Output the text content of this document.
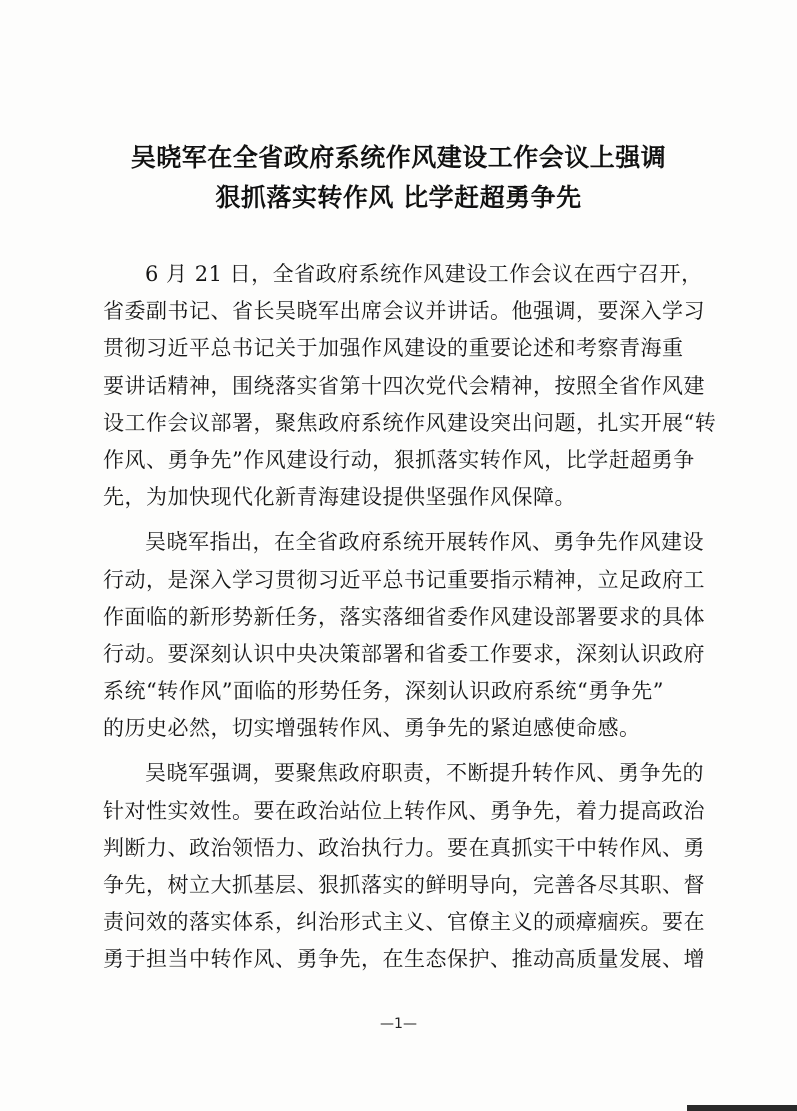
吴晓军在全省政府系统作风建设工作会议上强调
狠抓落实转作风 比学赶超勇争先
6 月 21 日，全省政府系统作风建设工作会议在西宁召开，
省委副书记、省长吴晓军出席会议并讲话。他强调，要深入学习
贯彻习近平总书记关于加强作风建设的重要论述和考察青海重
要讲话精神，围绕落实省第十四次党代会精神，按照全省作风建
设工作会议部署，聚焦政府系统作风建设突出问题，扎实开展“转
作风、勇争先”作风建设行动，狠抓落实转作风，比学赶超勇争
先，为加快现代化新青海建设提供坚强作风保障。
吴晓军指出，在全省政府系统开展转作风、勇争先作风建设
行动，是深入学习贯彻习近平总书记重要指示精神，立足政府工
作面临的新形势新任务，落实落细省委作风建设部署要求的具体
行动。要深刻认识中央决策部署和省委工作要求，深刻认识政府
系统“转作风”面临的形势任务，深刻认识政府系统“勇争先”
的历史必然，切实增强转作风、勇争先的紧迫感使命感。
吴晓军强调，要聚焦政府职责，不断提升转作风、勇争先的
针对性实效性。要在政治站位上转作风、勇争先，着力提高政治
判断力、政治领悟力、政治执行力。要在真抓实干中转作风、勇
争先，树立大抓基层、狠抓落实的鲜明导向，完善各尽其职、督
责问效的落实体系，纠治形式主义、官僚主义的顽瘴痼疾。要在
勇于担当中转作风、勇争先，在生态保护、推动高质量发展、增
—1—
